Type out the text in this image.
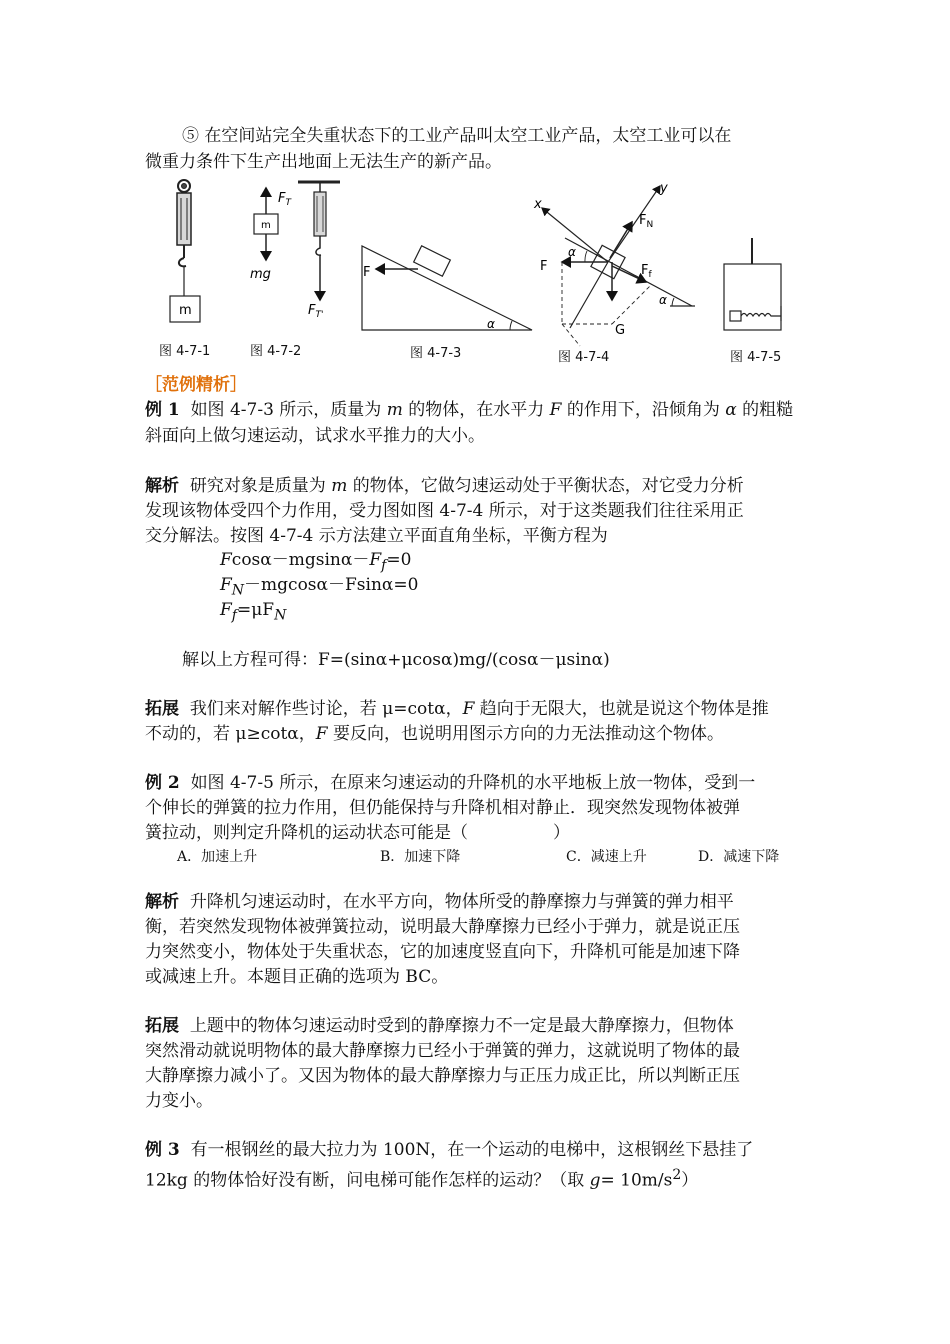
⑤ 在空间站完全失重状态下的工业产品叫太空工业产品，太空工业可以在
微重力条件下生产出地面上无法生产的新产品。
m
m
$F_T$
mg
$F_{T'}$
F
α
x
y
$F_N$
F	$F_f$
G
α
α
图 4-7-1	图 4-7-2	图 4-7-3	图 4-7-4	图 4-7-5
［范例精析］
例 1 如图 4-7-3 所示，质量为 m 的物体，在水平力 F 的作用下，沿倾角为 α 的粗糙
斜面向上做匀速运动，试求水平推力的大小。
解析 研究对象是质量为 m 的物体，它做匀速运动处于平衡状态，对它受力分析
发现该物体受四个力作用，受力图如图 4-7-4 所示，对于这类题我们往往采用正
交分解法。按图 4-7-4 示方法建立平面直角坐标，平衡方程为
$Fcos\alpha-mgsin\alpha-F_f=0$
$F_N-mgcos\alpha-Fsin\alpha=0$
$F_f=\mu F_N$
解以上方程可得：F=(sinα+μcosα)mg/(cosα－μsinα)
拓展 我们来对解作些讨论，若 μ=cotα，F 趋向于无限大，也就是说这个物体是推
不动的，若 μ≥cotα，F 要反向，也说明用图示方向的力无法推动这个物体。
例 2 如图 4-7-5 所示，在原来匀速运动的升降机的水平地板上放一物体，受到一
个伸长的弹簧的拉力作用，但仍能保持与升降机相对静止．现突然发现物体被弹
簧拉动，则判定升降机的运动状态可能是（　　　　　）
A．加速上升	B．加速下降	C．减速上升	D．减速下降
解析 升降机匀速运动时，在水平方向，物体所受的静摩擦力与弹簧的弹力相平
衡，若突然发现物体被弹簧拉动，说明最大静摩擦力已经小于弹力，就是说正压
力突然变小，物体处于失重状态，它的加速度竖直向下，升降机可能是加速下降
或减速上升。本题目正确的选项为 BC。
拓展 上题中的物体匀速运动时受到的静摩擦力不一定是最大静摩擦力，但物体
突然滑动就说明物体的最大静摩擦力已经小于弹簧的弹力，这就说明了物体的最
大静摩擦力减小了。又因为物体的最大静摩擦力与正压力成正比，所以判断正压
力变小。
例 3 有一根钢丝的最大拉力为 100N，在一个运动的电梯中，这根钢丝下悬挂了
12kg 的物体恰好没有断，问电梯可能作怎样的运动？（取 $g= 10m/s^2$）
